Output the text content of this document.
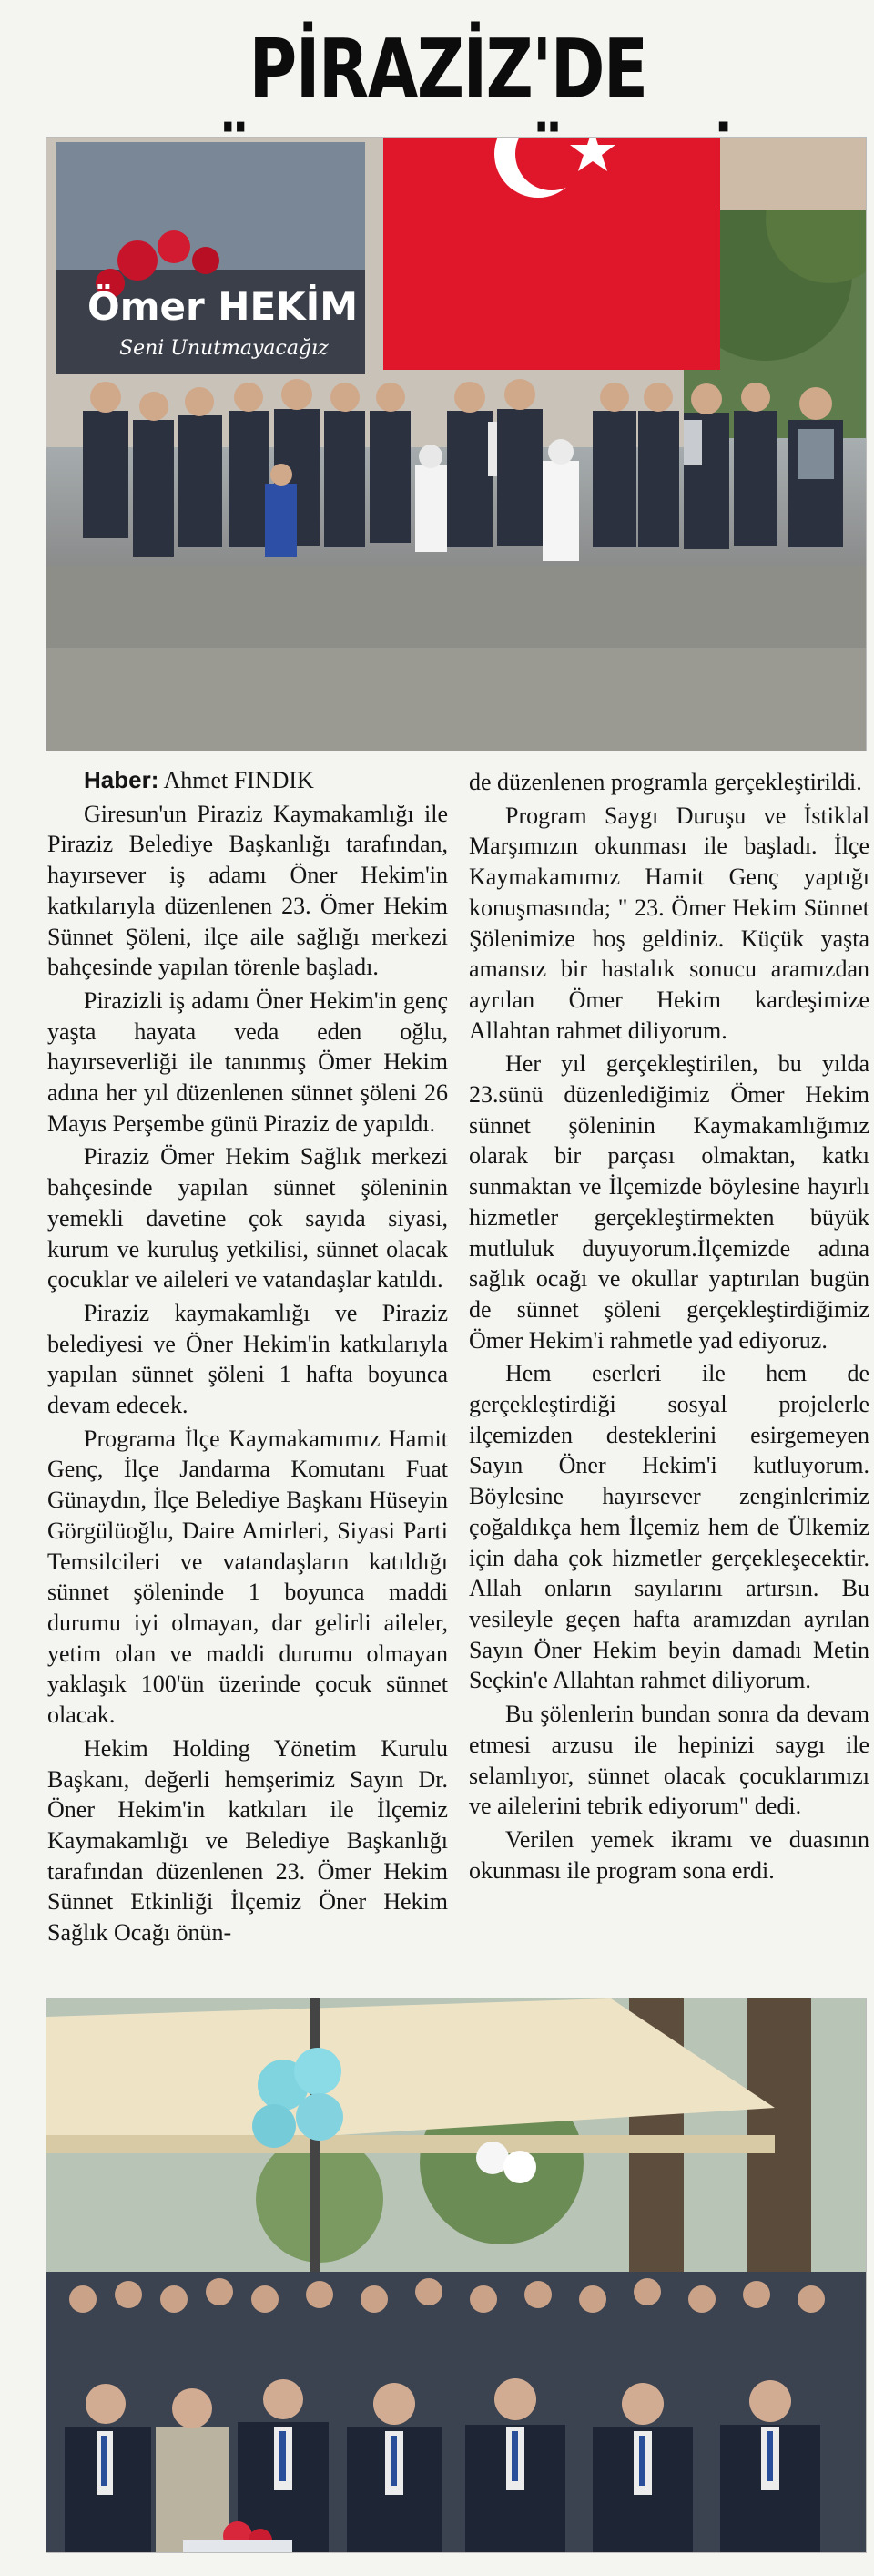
PİRAZİZ'DE
Ömer HEKİM
Seni Unutmayacağız

Haber: Ahmet FINDIK

Giresun'un Piraziz Kaymakamlığı ile Piraziz Belediye Başkanlığı tarafından, hayırsever iş adamı Öner Hekim'in katkılarıyla düzenlenen 23. Ömer Hekim Sünnet Şöleni, ilçe aile sağlığı merkezi bahçesinde yapılan törenle başladı.

Pirazizli iş adamı Öner Hekim'in genç yaşta hayata veda eden oğlu, hayırseverliği ile tanınmış Ömer Hekim adına her yıl düzenlenen sünnet şöleni 26 Mayıs Perşembe günü Piraziz de yapıldı.

Piraziz Ömer Hekim Sağlık merkezi bahçesinde yapılan sünnet şöleninin yemekli davetine çok sayıda siyasi, kurum ve kuruluş yetkilisi, sünnet olacak çocuklar ve aileleri ve vatandaşlar katıldı.

Piraziz kaymakamlığı ve Piraziz belediyesi ve Öner Hekim'in katkılarıyla yapılan sünnet şöleni 1 hafta boyunca devam edecek.

Programa İlçe Kaymakamımız Hamit Genç, İlçe Jandarma Komutanı Fuat Günaydın, İlçe Belediye Başkanı Hüseyin Görgülüoğlu, Daire Amirleri, Siyasi Parti Temsilcileri ve vatandaşların katıldığı sünnet şöleninde 1 boyunca maddi durumu iyi olmayan, dar gelirli aileler, yetim olan ve maddi durumu olmayan yaklaşık 100'ün üzerinde çocuk sünnet olacak.

Hekim Holding Yönetim Kurulu Başkanı, değerli hemşerimiz Sayın Dr. Öner Hekim'in katkıları ile İlçemiz Kaymakamlığı ve Belediye Başkanlığı tarafından düzenlenen 23. Ömer Hekim Sünnet Etkinliği İlçemiz Öner Hekim Sağlık Ocağı önün-

de düzenlenen programla gerçekleştirildi.

Program Saygı Duruşu ve İstiklal Marşımızın okunması ile başladı. İlçe Kaymakamımız Hamit Genç yaptığı konuşmasında; " 23. Ömer Hekim Sünnet Şölenimize hoş geldiniz. Küçük yaşta amansız bir hastalık sonucu aramızdan ayrılan Ömer Hekim kardeşimize Allahtan rahmet diliyorum.

Her yıl gerçekleştirilen, bu yılda 23.sünü düzenlediğimiz Ömer Hekim sünnet şöleninin Kaymakamlığımız olarak bir parçası olmaktan, katkı sunmaktan ve İlçemizde böylesine hayırlı hizmetler gerçekleştirmekten büyük mutluluk duyuyorum.İlçemizde adına sağlık ocağı ve okullar yaptırılan bugün de sünnet şöleni gerçekleştirdiğimiz Ömer Hekim'i rahmetle yad ediyoruz.

Hem eserleri ile hem de gerçekleştirdiği sosyal projelerle ilçemizden desteklerini esirgemeyen Sayın Öner Hekim'i kutluyorum. Böylesine hayırsever zenginlerimiz çoğaldıkça hem İlçemiz hem de Ülkemiz için daha çok hizmetler gerçekleşecektir. Allah onların sayılarını artırsın. Bu vesileyle geçen hafta aramızdan ayrılan Sayın Öner Hekim beyin damadı Metin Seçkin'e Allahtan rahmet diliyorum.

Bu şölenlerin bundan sonra da devam etmesi arzusu ile hepinizi saygı ile selamlıyor, sünnet olacak çocuklarımızı ve ailelerini tebrik ediyorum" dedi.

Verilen yemek ikramı ve duasının okunması ile program sona erdi.
